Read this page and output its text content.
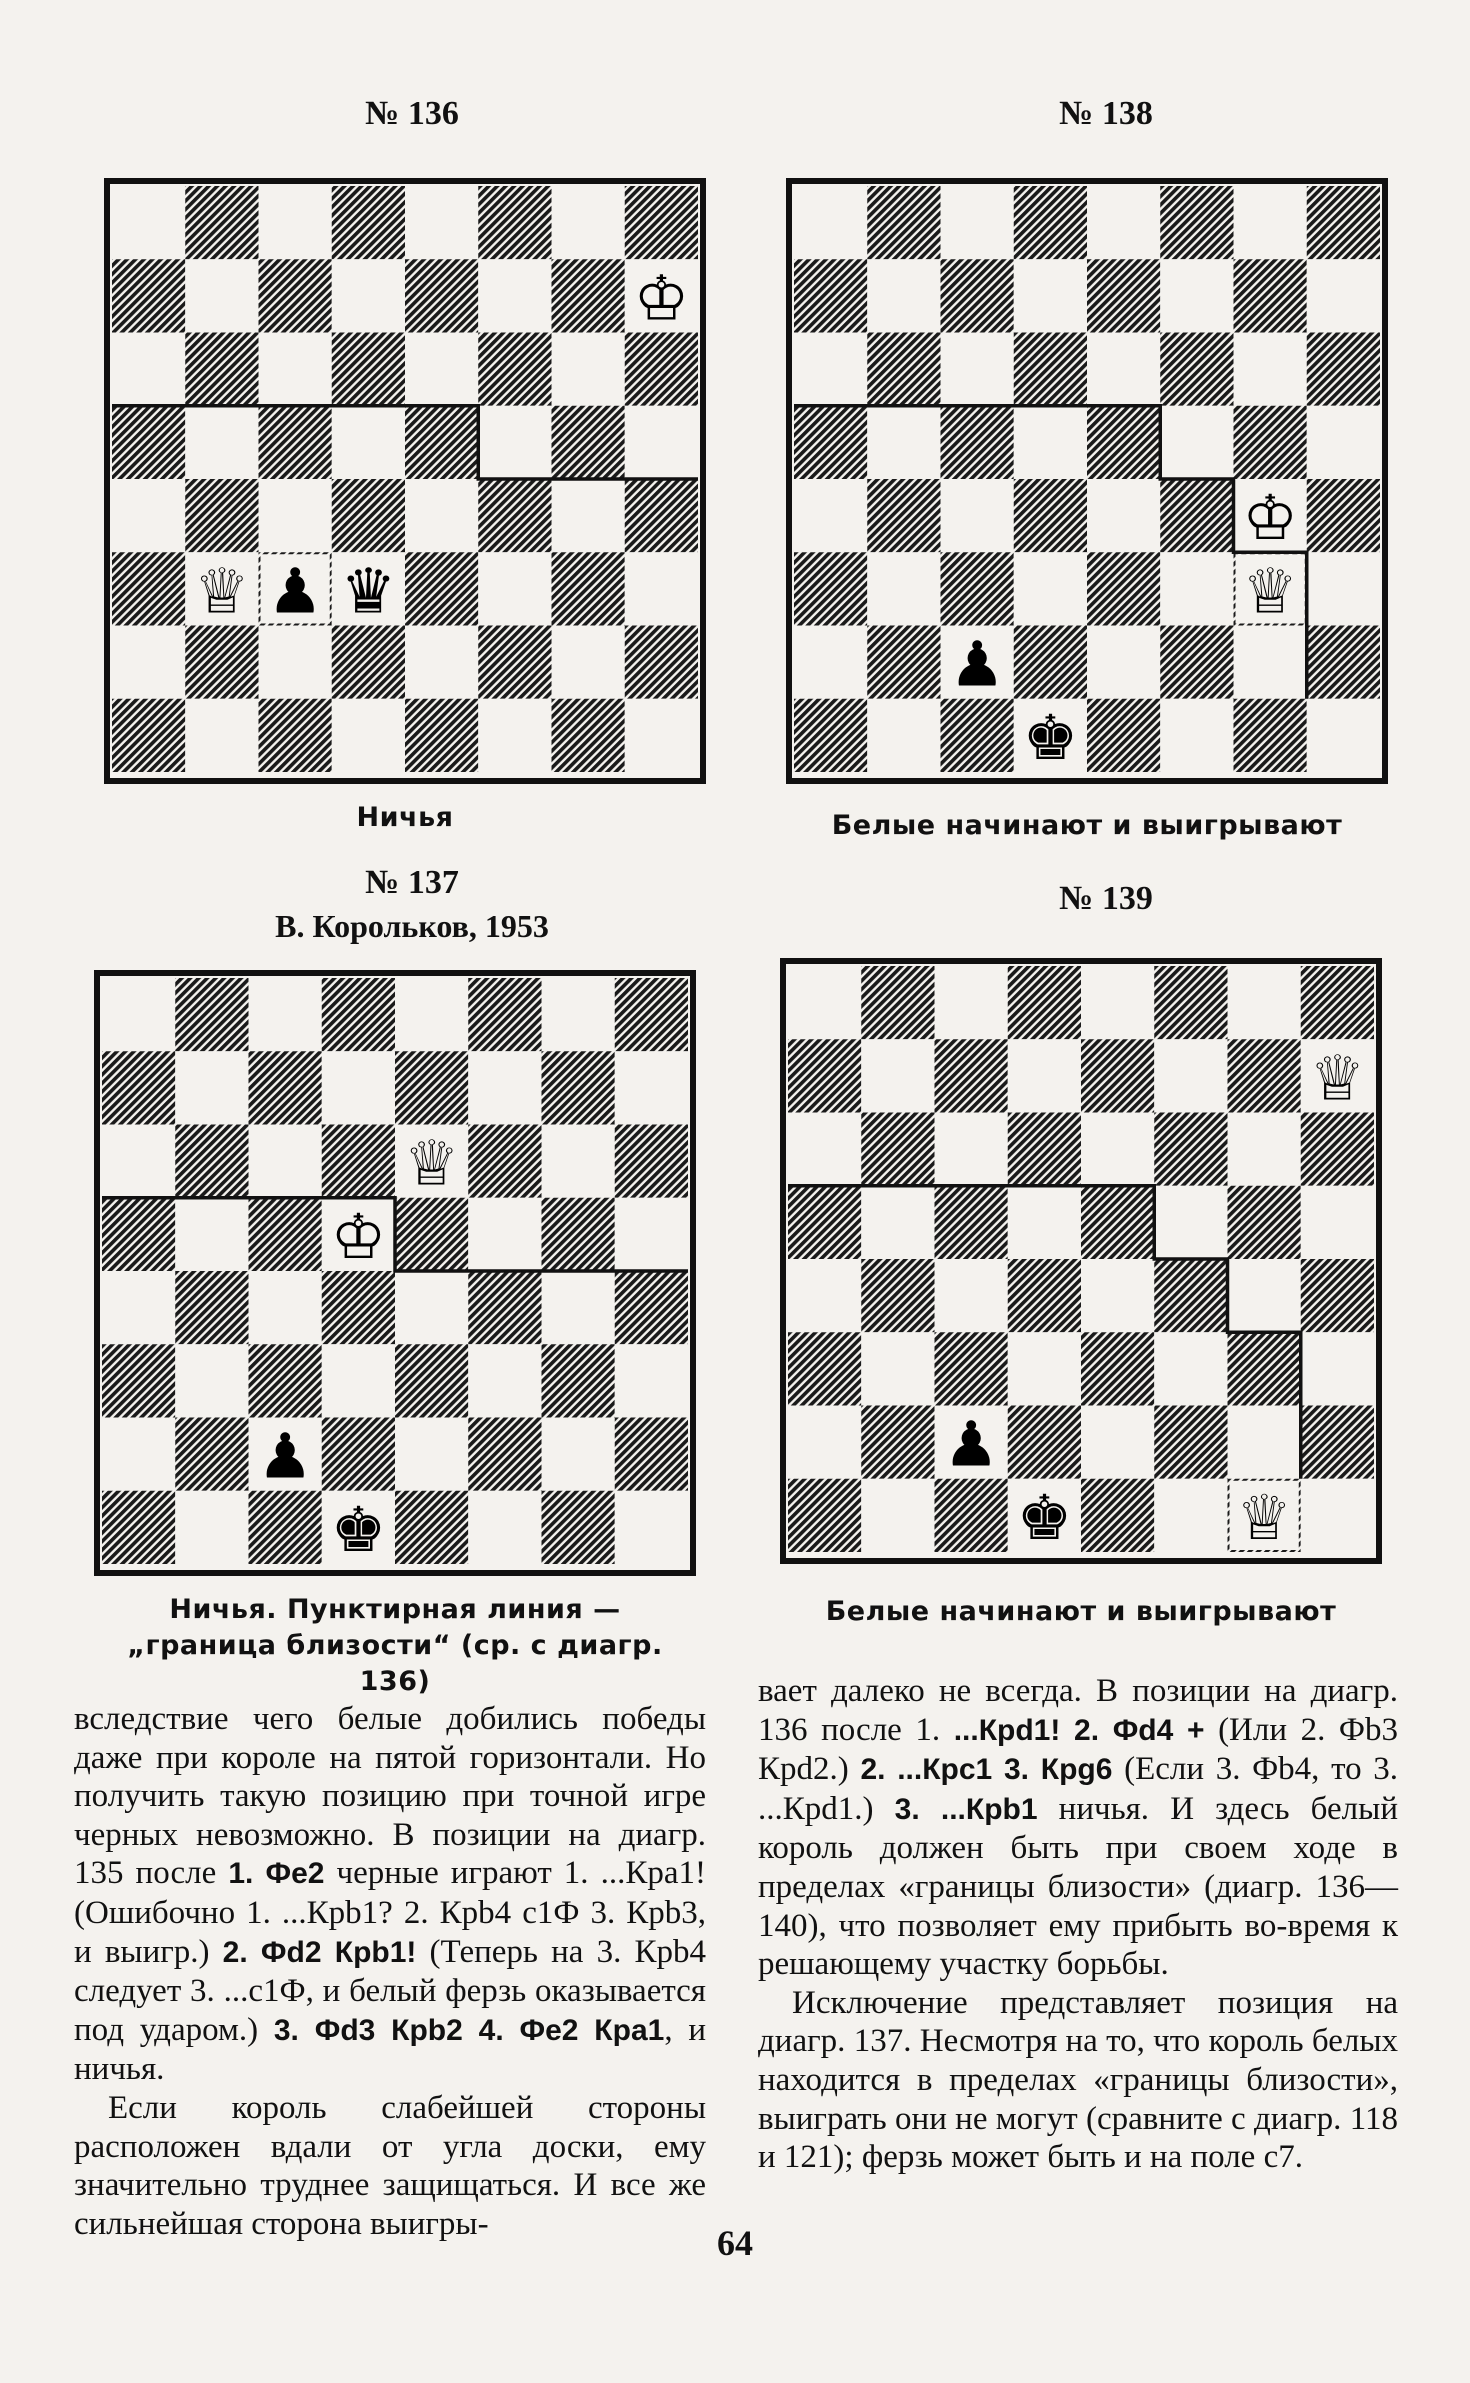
№ 136
♔
♕ ♟ ♛
Ничья
№ 138
♔
♕
♟
♚
Белые начинают и выигрывают
№ 137
В. Корольков, 1953
♕
♔
♟
♚
Ничья. Пунктирная линия — „граница близости“ (ср. с диагр. 136)
№ 139
♕
♟
♚	♕
Белые начинают и выигрывают

вследствие чего белые добились победы даже при короле на пятой горизонтали. Но получить такую позицию при точной игре черных невозможно. В позиции на диагр. 135 после 1. Фe2 черные играют 1. ...Крa1! (Ошибочно 1. ...Крb1? 2. Крb4 c1Ф 3. Крb3, и выигр.) 2. Фd2 Крb1! (Теперь на 3. Крb4 следует 3. ...c1Ф, и белый ферзь оказывается под ударом.) 3. Фd3 Крb2 4. Фe2 Крa1, и ничья.

Если король слабейшей стороны расположен вдали от угла доски, ему значительно труднее защищаться. И все же сильнейшая сторона выигры-

вает далеко не всегда. В позиции на диагр. 136 после 1. ...Крd1! 2. Фd4 + (Или 2. Фb3 Крd2.) 2. ...Крc1 3. Крg6 (Если 3. Фb4, то 3. ...Крd1.) 3. ...Крb1 ничья. И здесь белый король должен быть при своем ходе в пределах «границы близости» (диагр. 136—140), что позволяет ему прибыть во-время к решающему участку борьбы.

Исключение представляет позиция на диагр. 137. Несмотря на то, что король белых находится в пределах «границы близости», выиграть они не могут (сравните с диагр. 118 и 121); ферзь может быть и на поле c7.

64
